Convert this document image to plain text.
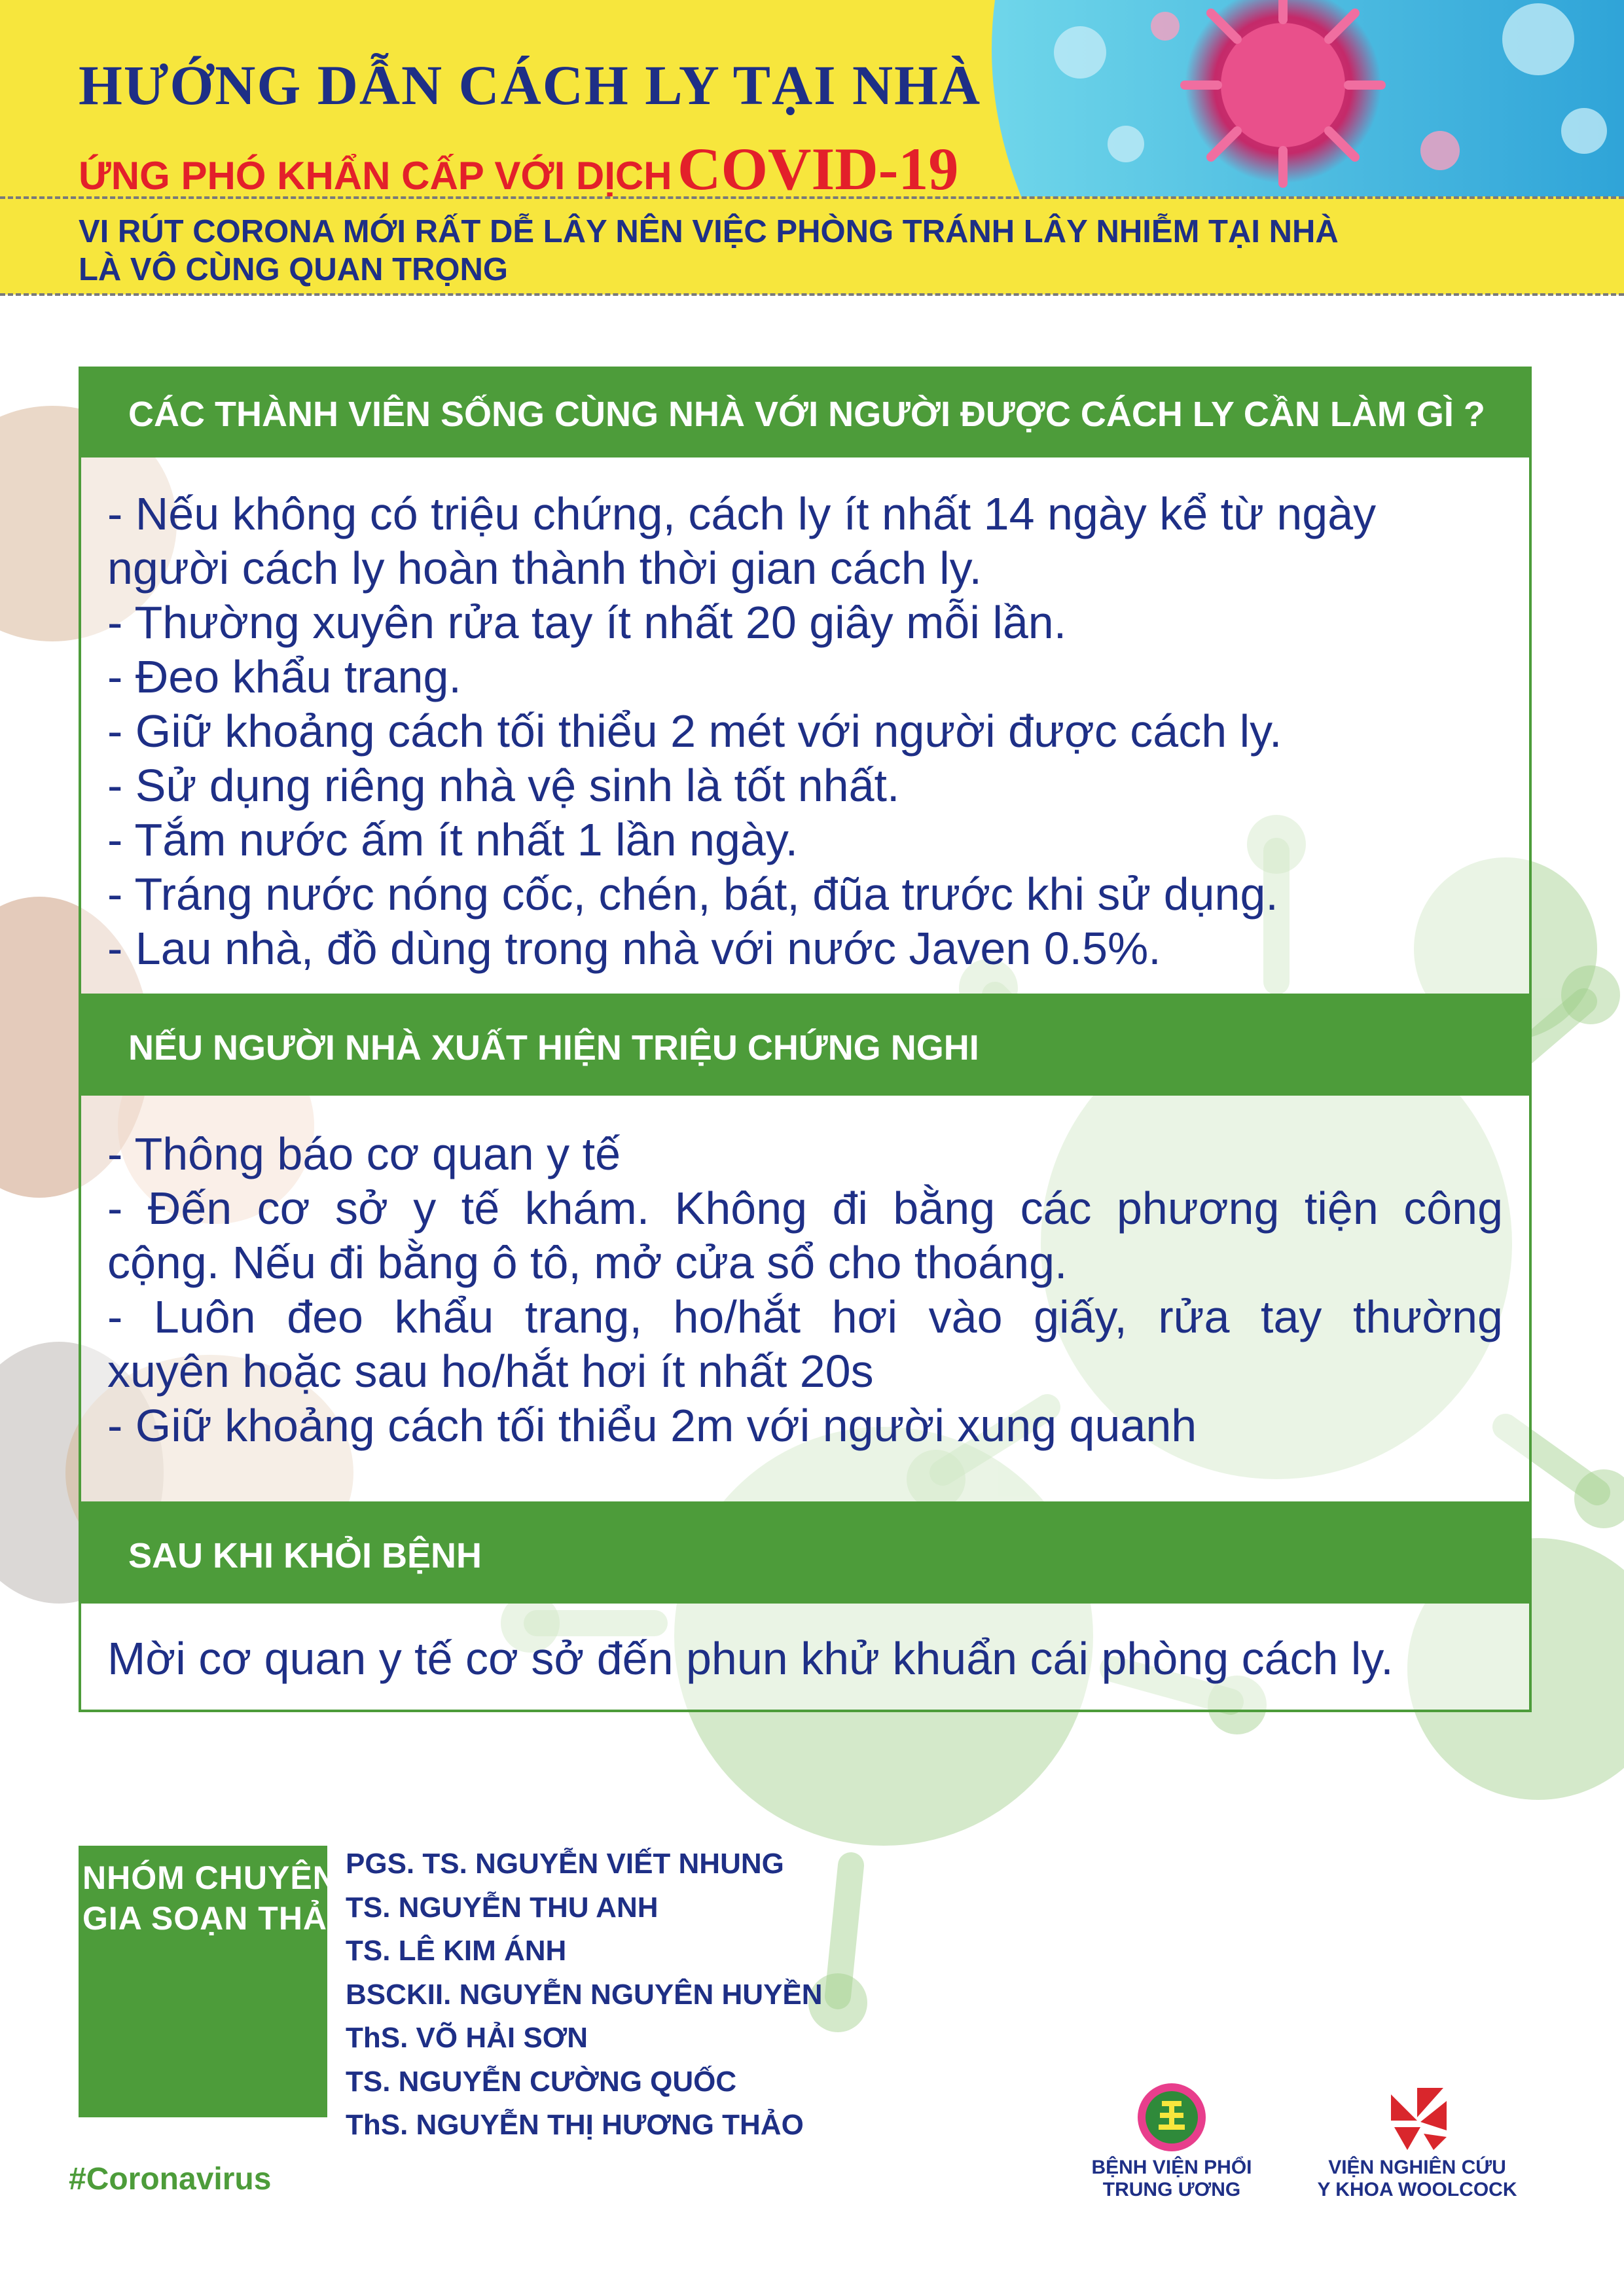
HƯỚNG DẪN CÁCH LY TẠI NHÀ
ỨNG PHÓ KHẨN CẤP VỚI DỊCH COVID-19
VI RÚT CORONA MỚI RẤT DỄ LÂY NÊN VIỆC PHÒNG TRÁNH LÂY NHIỄM TẠI NHÀ
LÀ VÔ CÙNG QUAN TRỌNG
CÁC THÀNH VIÊN SỐNG CÙNG NHÀ VỚI NGƯỜI ĐƯỢC CÁCH LY CẦN LÀM GÌ ?
- Nếu không có triệu chứng, cách ly ít nhất 14 ngày kể từ ngày
người cách ly hoàn thành thời gian cách ly.
- Thường xuyên rửa tay ít nhất 20 giây mỗi lần.
- Đeo khẩu trang.
- Giữ khoảng cách tối thiểu 2 mét với người được cách ly.
- Sử dụng riêng nhà vệ sinh là tốt nhất.
- Tắm nước ấm ít nhất 1 lần ngày.
- Tráng nước nóng cốc, chén, bát, đũa trước khi sử dụng.
- Lau nhà, đồ dùng trong nhà với nước Javen 0.5%.
NẾU NGƯỜI NHÀ XUẤT HIỆN TRIỆU CHỨNG NGHI
- Thông báo cơ quan y tế
- Đến cơ sở y tế khám. Không đi bằng các phương tiện công
cộng. Nếu đi bằng ô tô, mở cửa sổ cho thoáng.
- Luôn đeo khẩu trang, ho/hắt hơi vào giấy, rửa tay thường
xuyên hoặc sau ho/hắt hơi ít nhất 20s
- Giữ khoảng cách tối thiểu 2m với người xung quanh
SAU KHI KHỎI BỆNH
Mời cơ quan y tế cơ sở đến phun khử khuẩn cái phòng cách ly.
NHÓM CHUYÊN
GIA SOẠN THẢO
PGS. TS. NGUYỄN VIẾT NHUNG
TS. NGUYỄN THU ANH
TS. LÊ KIM ÁNH
BSCKII. NGUYỄN NGUYÊN HUYỀN
ThS. VÕ HẢI SƠN
TS. NGUYỄN CƯỜNG QUỐC
ThS. NGUYỄN THỊ HƯƠNG THẢO
#Coronavirus	BỆNH VIỆN PHỔI
TRUNG ƯƠNG
VIỆN NGHIÊN CỨU
Y KHOA WOOLCOCK
